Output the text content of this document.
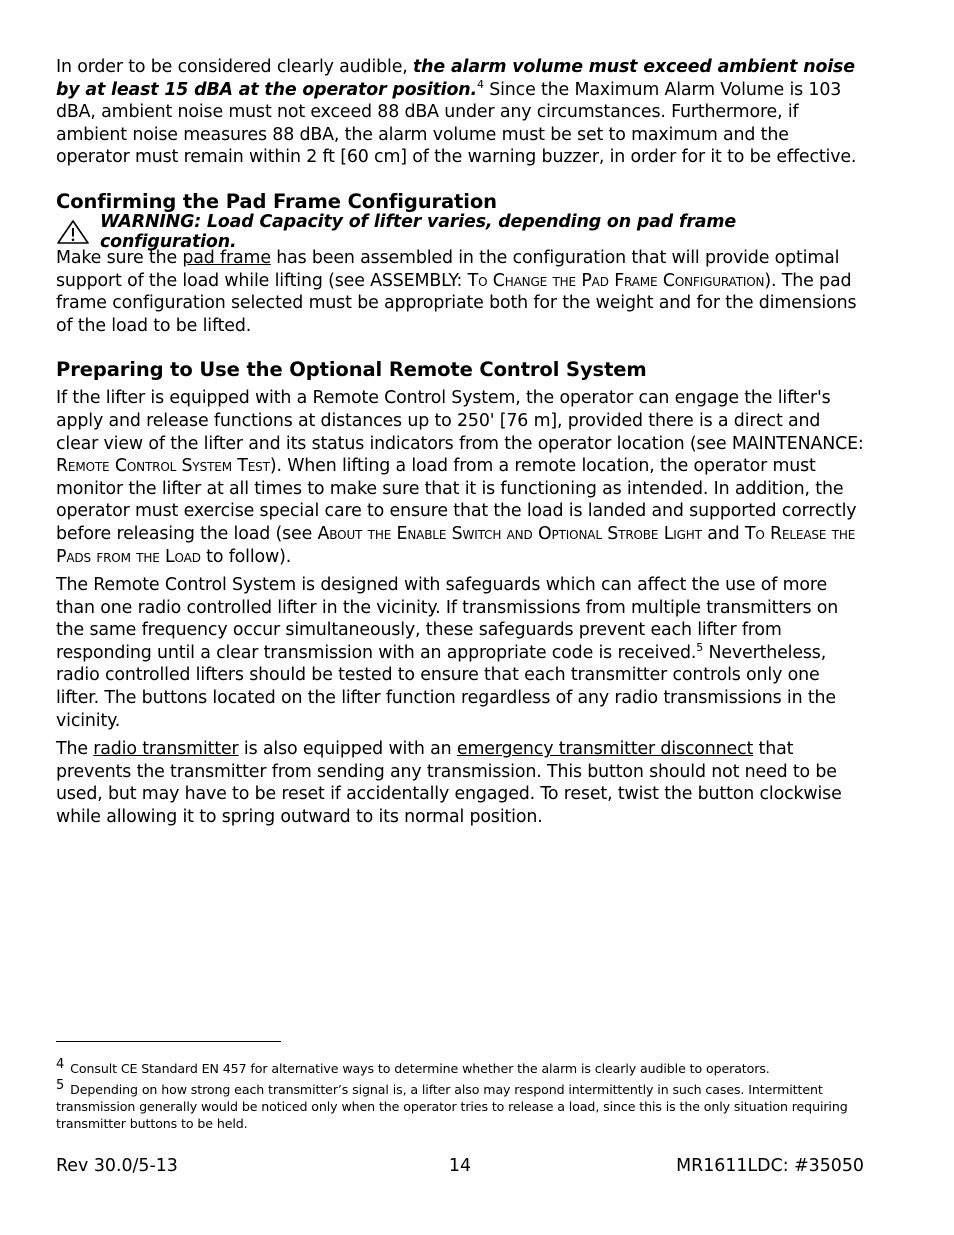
In order to be considered clearly audible, the alarm volume must exceed ambient noise by at least 15 dBA at the operator position.$^4$ Since the Maximum Alarm Volume is 103 dBA, ambient noise must not exceed 88 dBA under any circumstances. Furthermore, if ambient noise measures 88 dBA, the alarm volume must be set to maximum and the operator must remain within 2 ft [60 cm] of the warning buzzer, in order for it to be effective.

Confirming the Pad Frame Configuration
WARNING: Load Capacity of lifter varies, depending on pad frame configuration.

Make sure the pad frame has been assembled in the configuration that will provide optimal support of the load while lifting (see ASSEMBLY: To Change the Pad Frame Configuration). The pad frame configuration selected must be appropriate both for the weight and for the dimensions of the load to be lifted.

Preparing to Use the Optional Remote Control System

If the lifter is equipped with a Remote Control System, the operator can engage the lifter's apply and release functions at distances up to 250' [76 m], provided there is a direct and clear view of the lifter and its status indicators from the operator location (see MAINTENANCE: Remote Control System Test). When lifting a load from a remote location, the operator must monitor the lifter at all times to make sure that it is functioning as intended. In addition, the operator must exercise special care to ensure that the load is landed and supported correctly before releasing the load (see About the Enable Switch and Optional Strobe Light and To Release the Pads from the Load to follow).

The Remote Control System is designed with safeguards which can affect the use of more than one radio controlled lifter in the vicinity. If transmissions from multiple transmitters on the same frequency occur simultaneously, these safeguards prevent each lifter from responding until a clear transmission with an appropriate code is received.$^5$ Nevertheless, radio controlled lifters should be tested to ensure that each transmitter controls only one lifter. The buttons located on the lifter function regardless of any radio transmissions in the vicinity.

The radio transmitter is also equipped with an emergency transmitter disconnect that prevents the transmitter from sending any transmission. This button should not need to be used, but may have to be reset if accidentally engaged. To reset, twist the button clockwise while allowing it to spring outward to its normal position.

$^4$ Consult CE Standard EN 457 for alternative ways to determine whether the alarm is clearly audible to operators.

$^5$ Depending on how strong each transmitter’s signal is, a lifter also may respond intermittently in such cases. Intermittent transmission generally would be noticed only when the operator tries to release a load, since this is the only situation requiring transmitter buttons to be held.

Rev 30.0/5-13	14	MR1611LDC: #35050
